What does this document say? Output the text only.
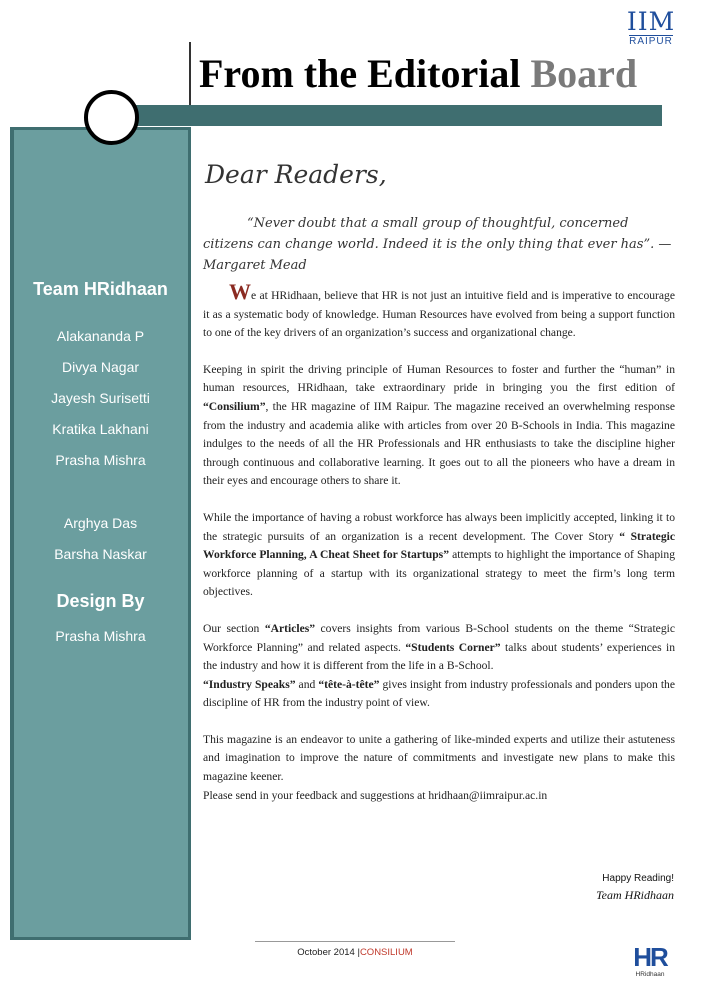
IIM
RAIPUR
From the Editorial Board
Team HRidhaan
Alakananda P
Divya Nagar
Jayesh Surisetti
Kratika Lakhani
Prasha Mishra
Arghya Das
Barsha Naskar
Design By
Prasha Mishra
Dear Readers,
“Never doubt that a small group of thoughtful, concerned citizens can change world. Indeed it is the only thing that ever has”. —Margaret Mead

We at HRidhaan, believe that HR is not just an intuitive field and is imperative to encourage it as a systematic body of knowledge. Human Resources have evolved from being a support function to one of the key drivers of an organization’s success and organizational change.

Keeping in spirit the driving principle of Human Resources to foster and further the “human” in human resources, HRidhaan, take extraordinary pride in bringing you the first edition of “Consilium”, the HR magazine of IIM Raipur. The magazine received an overwhelming response from the industry and academia alike with articles from over 20 B-Schools in India. This magazine indulges to the needs of all the HR Professionals and HR enthusiasts to take the discipline higher through continuous and collaborative learning. It goes out to all the pioneers who have a dream in their eyes and encourage others to share it.

While the importance of having a robust workforce has always been implicitly accepted, linking it to the strategic pursuits of an organization is a recent development. The Cover Story “ Strategic Workforce Planning, A Cheat Sheet for Startups” attempts to highlight the importance of Shaping workforce planning of a startup with its organizational strategy to meet the firm’s long term objectives.

Our section “Articles” covers insights from various B-School students on the theme “Strategic Workforce Planning” and related aspects. “Students Corner” talks about students’ experiences in the industry and how it is different from the life in a B-School.

“Industry Speaks” and “tête-à-tête” gives insight from industry professionals and ponders upon the discipline of HR from the industry point of view.

This magazine is an endeavor to unite a gathering of like-minded experts and utilize their astuteness and imagination to improve the nature of commitments and investigate new plans to make this magazine keener.

Please send in your feedback and suggestions at hridhaan@iimraipur.ac.in

Happy Reading!
Team HRidhaan
October 2014 |CONSILIUM	HR
HRidhaan
